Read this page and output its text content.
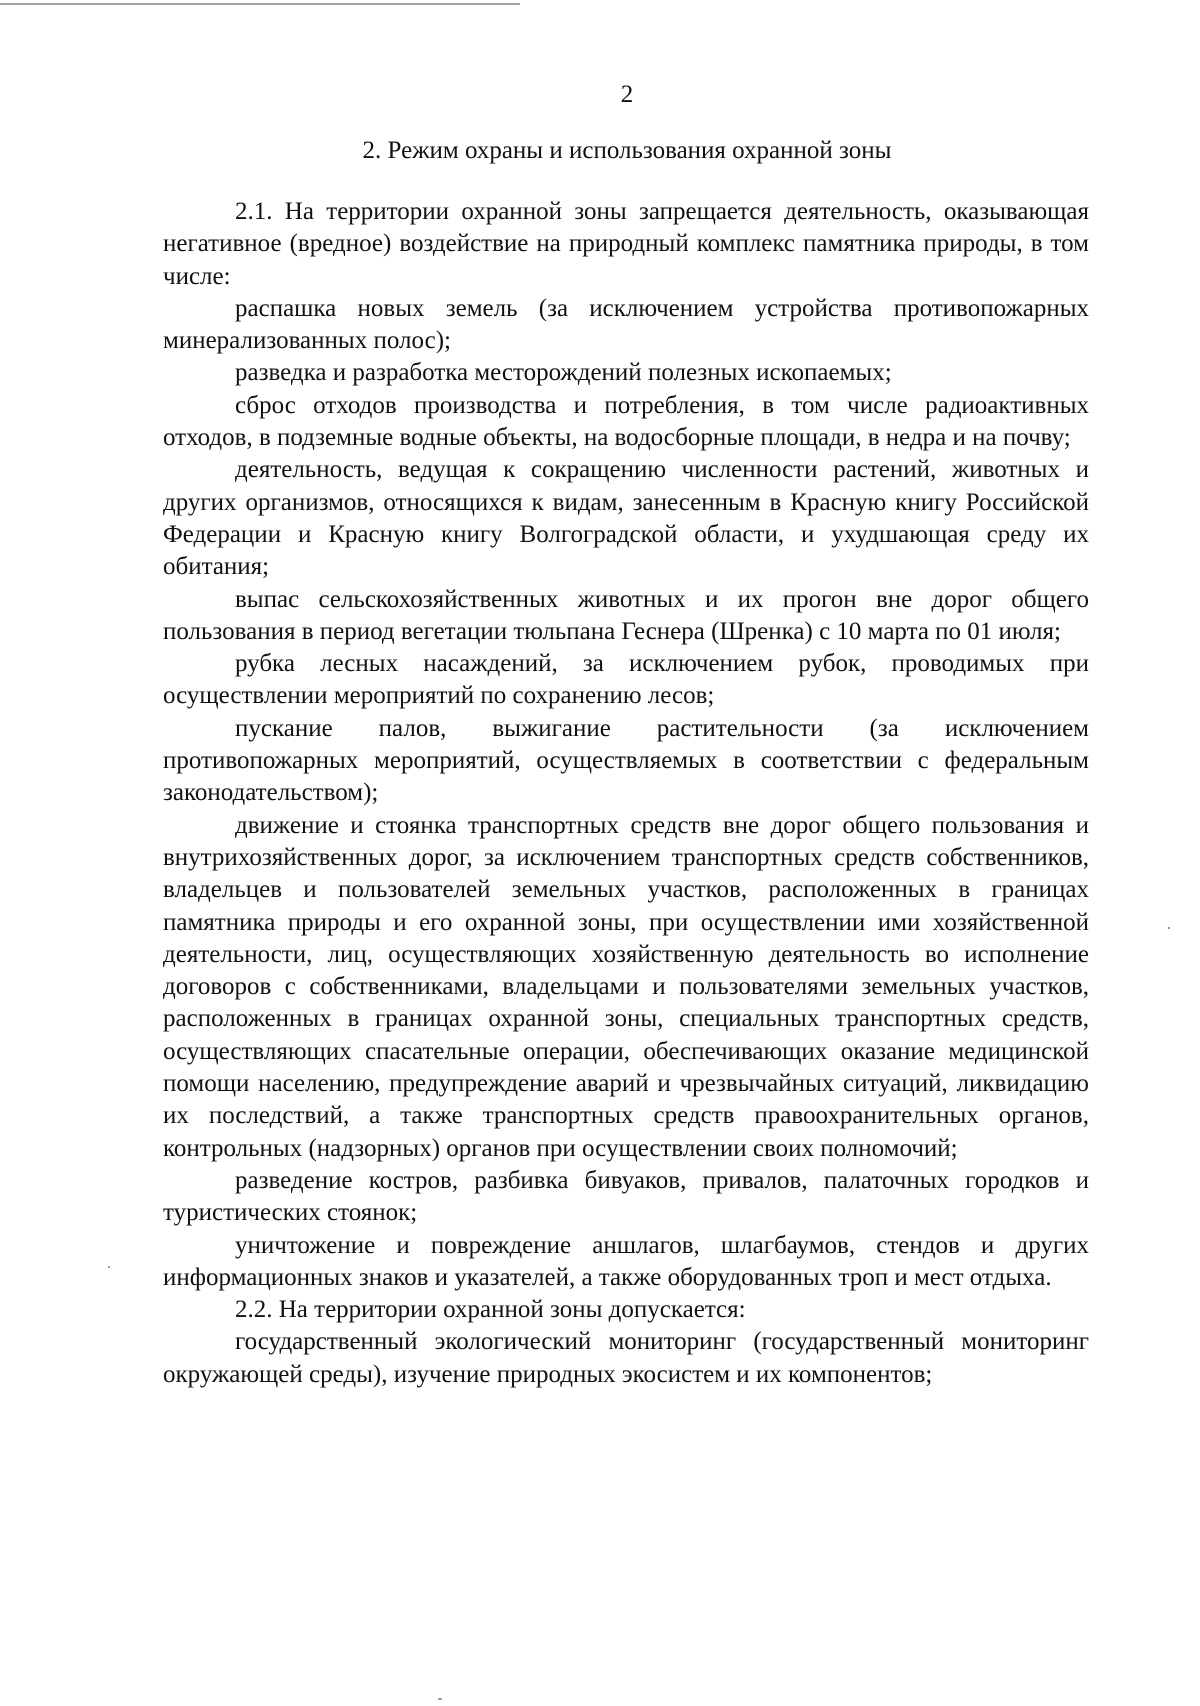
2
2. Режим охраны и использования охранной зоны

2.1. На территории охранной зоны запрещается деятельность, оказывающая негативное (вредное) воздействие на природный комплекс памятника природы, в том числе:

распашка новых земель (за исключением устройства противопожарных минерализованных полос);

разведка и разработка месторождений полезных ископаемых;

сброс отходов производства и потребления, в том числе радиоактивных отходов, в подземные водные объекты, на водосборные площади, в недра и на почву;

деятельность, ведущая к сокращению численности растений, животных и других организмов, относящихся к видам, занесенным в Красную книгу Российской Федерации и Красную книгу Волгоградской области, и ухудшающая среду их обитания;

выпас сельскохозяйственных животных и их прогон вне дорог общего пользования в период вегетации тюльпана Геснера (Шренка) с 10 марта по 01 июля;

рубка лесных насаждений, за исключением рубок, проводимых при осуществлении мероприятий по сохранению лесов;

пускание палов, выжигание растительности (за исключением противопожарных мероприятий, осуществляемых в соответствии с федеральным законодательством);

движение и стоянка транспортных средств вне дорог общего пользования и внутрихозяйственных дорог, за исключением транспортных средств собственников, владельцев и пользователей земельных участков, расположенных в границах памятника природы и его охранной зоны, при осуществлении ими хозяйственной деятельности, лиц, осуществляющих хозяйственную деятельность во исполнение договоров с собственниками, владельцами и пользователями земельных участков, расположенных в границах охранной зоны, специальных транспортных средств, осуществляющих спасательные операции, обеспечивающих оказание медицинской помощи населению, предупреждение аварий и чрезвычайных ситуаций, ликвидацию их последствий, а также транспортных средств правоохранительных органов, контрольных (надзорных) органов при осуществлении своих полномочий;

разведение костров, разбивка бивуаков, привалов, палаточных городков и туристических стоянок;

уничтожение и повреждение аншлагов, шлагбаумов, стендов и других информационных знаков и указателей, а также оборудованных троп и мест отдыха.

2.2. На территории охранной зоны допускается:

государственный экологический мониторинг (государственный мониторинг окружающей среды), изучение природных экосистем и их компонентов;
